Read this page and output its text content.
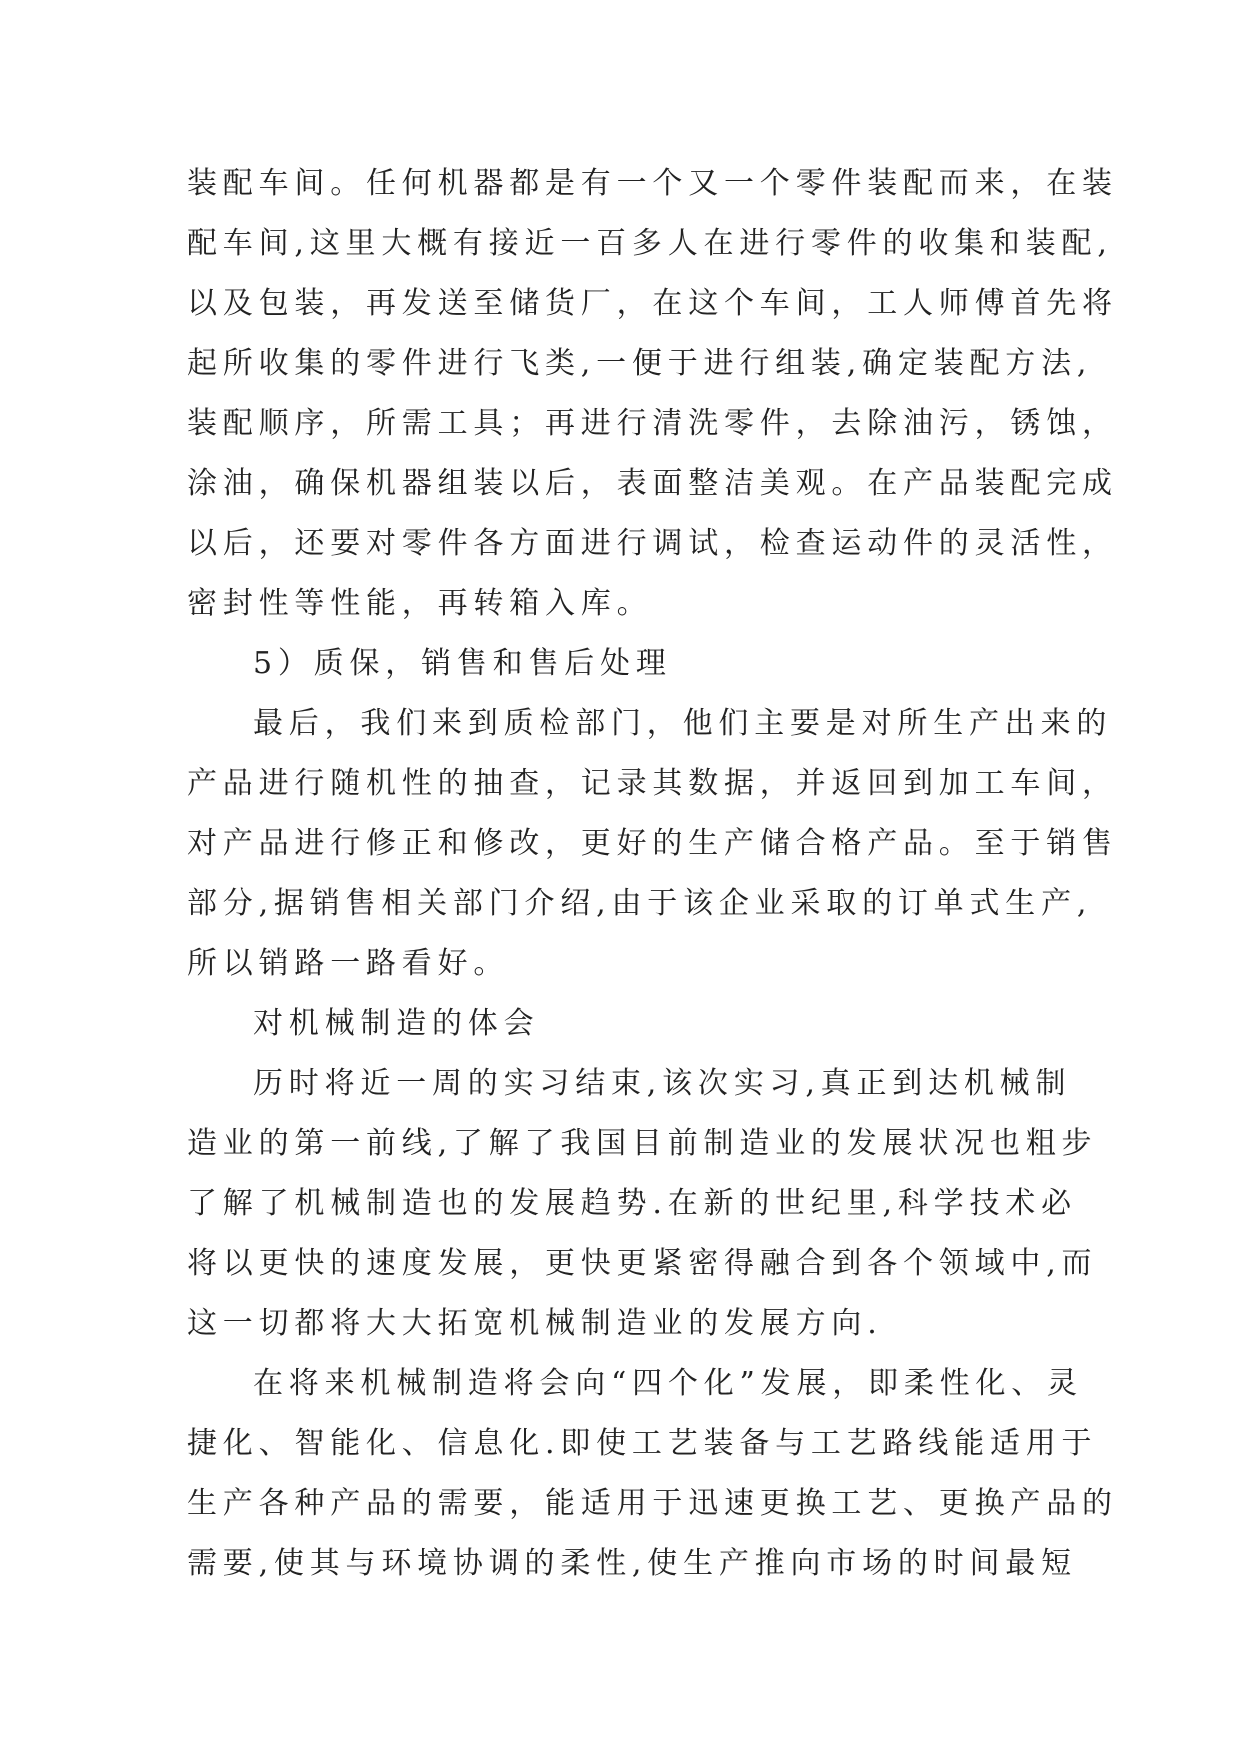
装配车间。任何机器都是有一个又一个零件装配而来，在装
配车间,这里大概有接近一百多人在进行零件的收集和装配,
以及包装，再发送至储货厂，在这个车间，工人师傅首先将
起所收集的零件进行飞类,一便于进行组装,确定装配方法,
装配顺序，所需工具；再进行清洗零件，去除油污，锈蚀，
涂油，确保机器组装以后，表面整洁美观。在产品装配完成
以后，还要对零件各方面进行调试，检查运动件的灵活性，
密封性等性能，再转箱入库。
5）质保，销售和售后处理
最后，我们来到质检部门，他们主要是对所生产出来的
产品进行随机性的抽查，记录其数据，并返回到加工车间，
对产品进行修正和修改，更好的生产储合格产品。至于销售
部分,据销售相关部门介绍,由于该企业采取的订单式生产,
所以销路一路看好。
对机械制造的体会
历时将近一周的实习结束,该次实习,真正到达机械制
造业的第一前线,了解了我国目前制造业的发展状况也粗步
了解了机械制造也的发展趋势.在新的世纪里,科学技术必
将以更快的速度发展，更快更紧密得融合到各个领域中,而
这一切都将大大拓宽机械制造业的发展方向.
在将来机械制造将会向“四个化”发展，即柔性化、灵
捷化、智能化、信息化.即使工艺装备与工艺路线能适用于
生产各种产品的需要，能适用于迅速更换工艺、更换产品的
需要,使其与环境协调的柔性,使生产推向市场的时间最短
